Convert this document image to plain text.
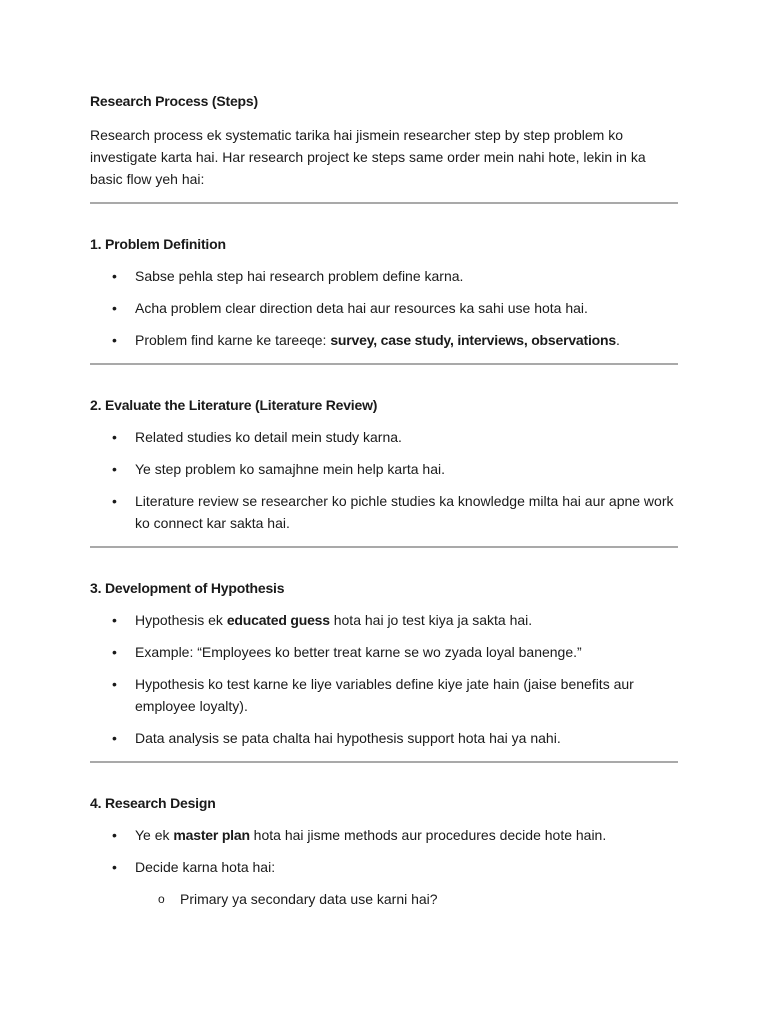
Research Process (Steps)

Research process ek systematic tarika hai jismein researcher step by step problem ko investigate karta hai. Har research project ke steps same order mein nahi hote, lekin in ka basic flow yeh hai:

1. Problem Definition
• Sabse pehla step hai research problem define karna.
• Acha problem clear direction deta hai aur resources ka sahi use hota hai.
• Problem find karne ke tareeqe: survey, case study, interviews, observations.
2. Evaluate the Literature (Literature Review)
• Related studies ko detail mein study karna.
• Ye step problem ko samajhne mein help karta hai.
• Literature review se researcher ko pichle studies ka knowledge milta hai aur apne work ko connect kar sakta hai.
3. Development of Hypothesis
• Hypothesis ek educated guess hota hai jo test kiya ja sakta hai.
• Example: “Employees ko better treat karne se wo zyada loyal banenge.”
• Hypothesis ko test karne ke liye variables define kiye jate hain (jaise benefits aur employee loyalty).
• Data analysis se pata chalta hai hypothesis support hota hai ya nahi.
4. Research Design
• Ye ek master plan hota hai jisme methods aur procedures decide hote hain.
• Decide karna hota hai:
o Primary ya secondary data use karni hai?
